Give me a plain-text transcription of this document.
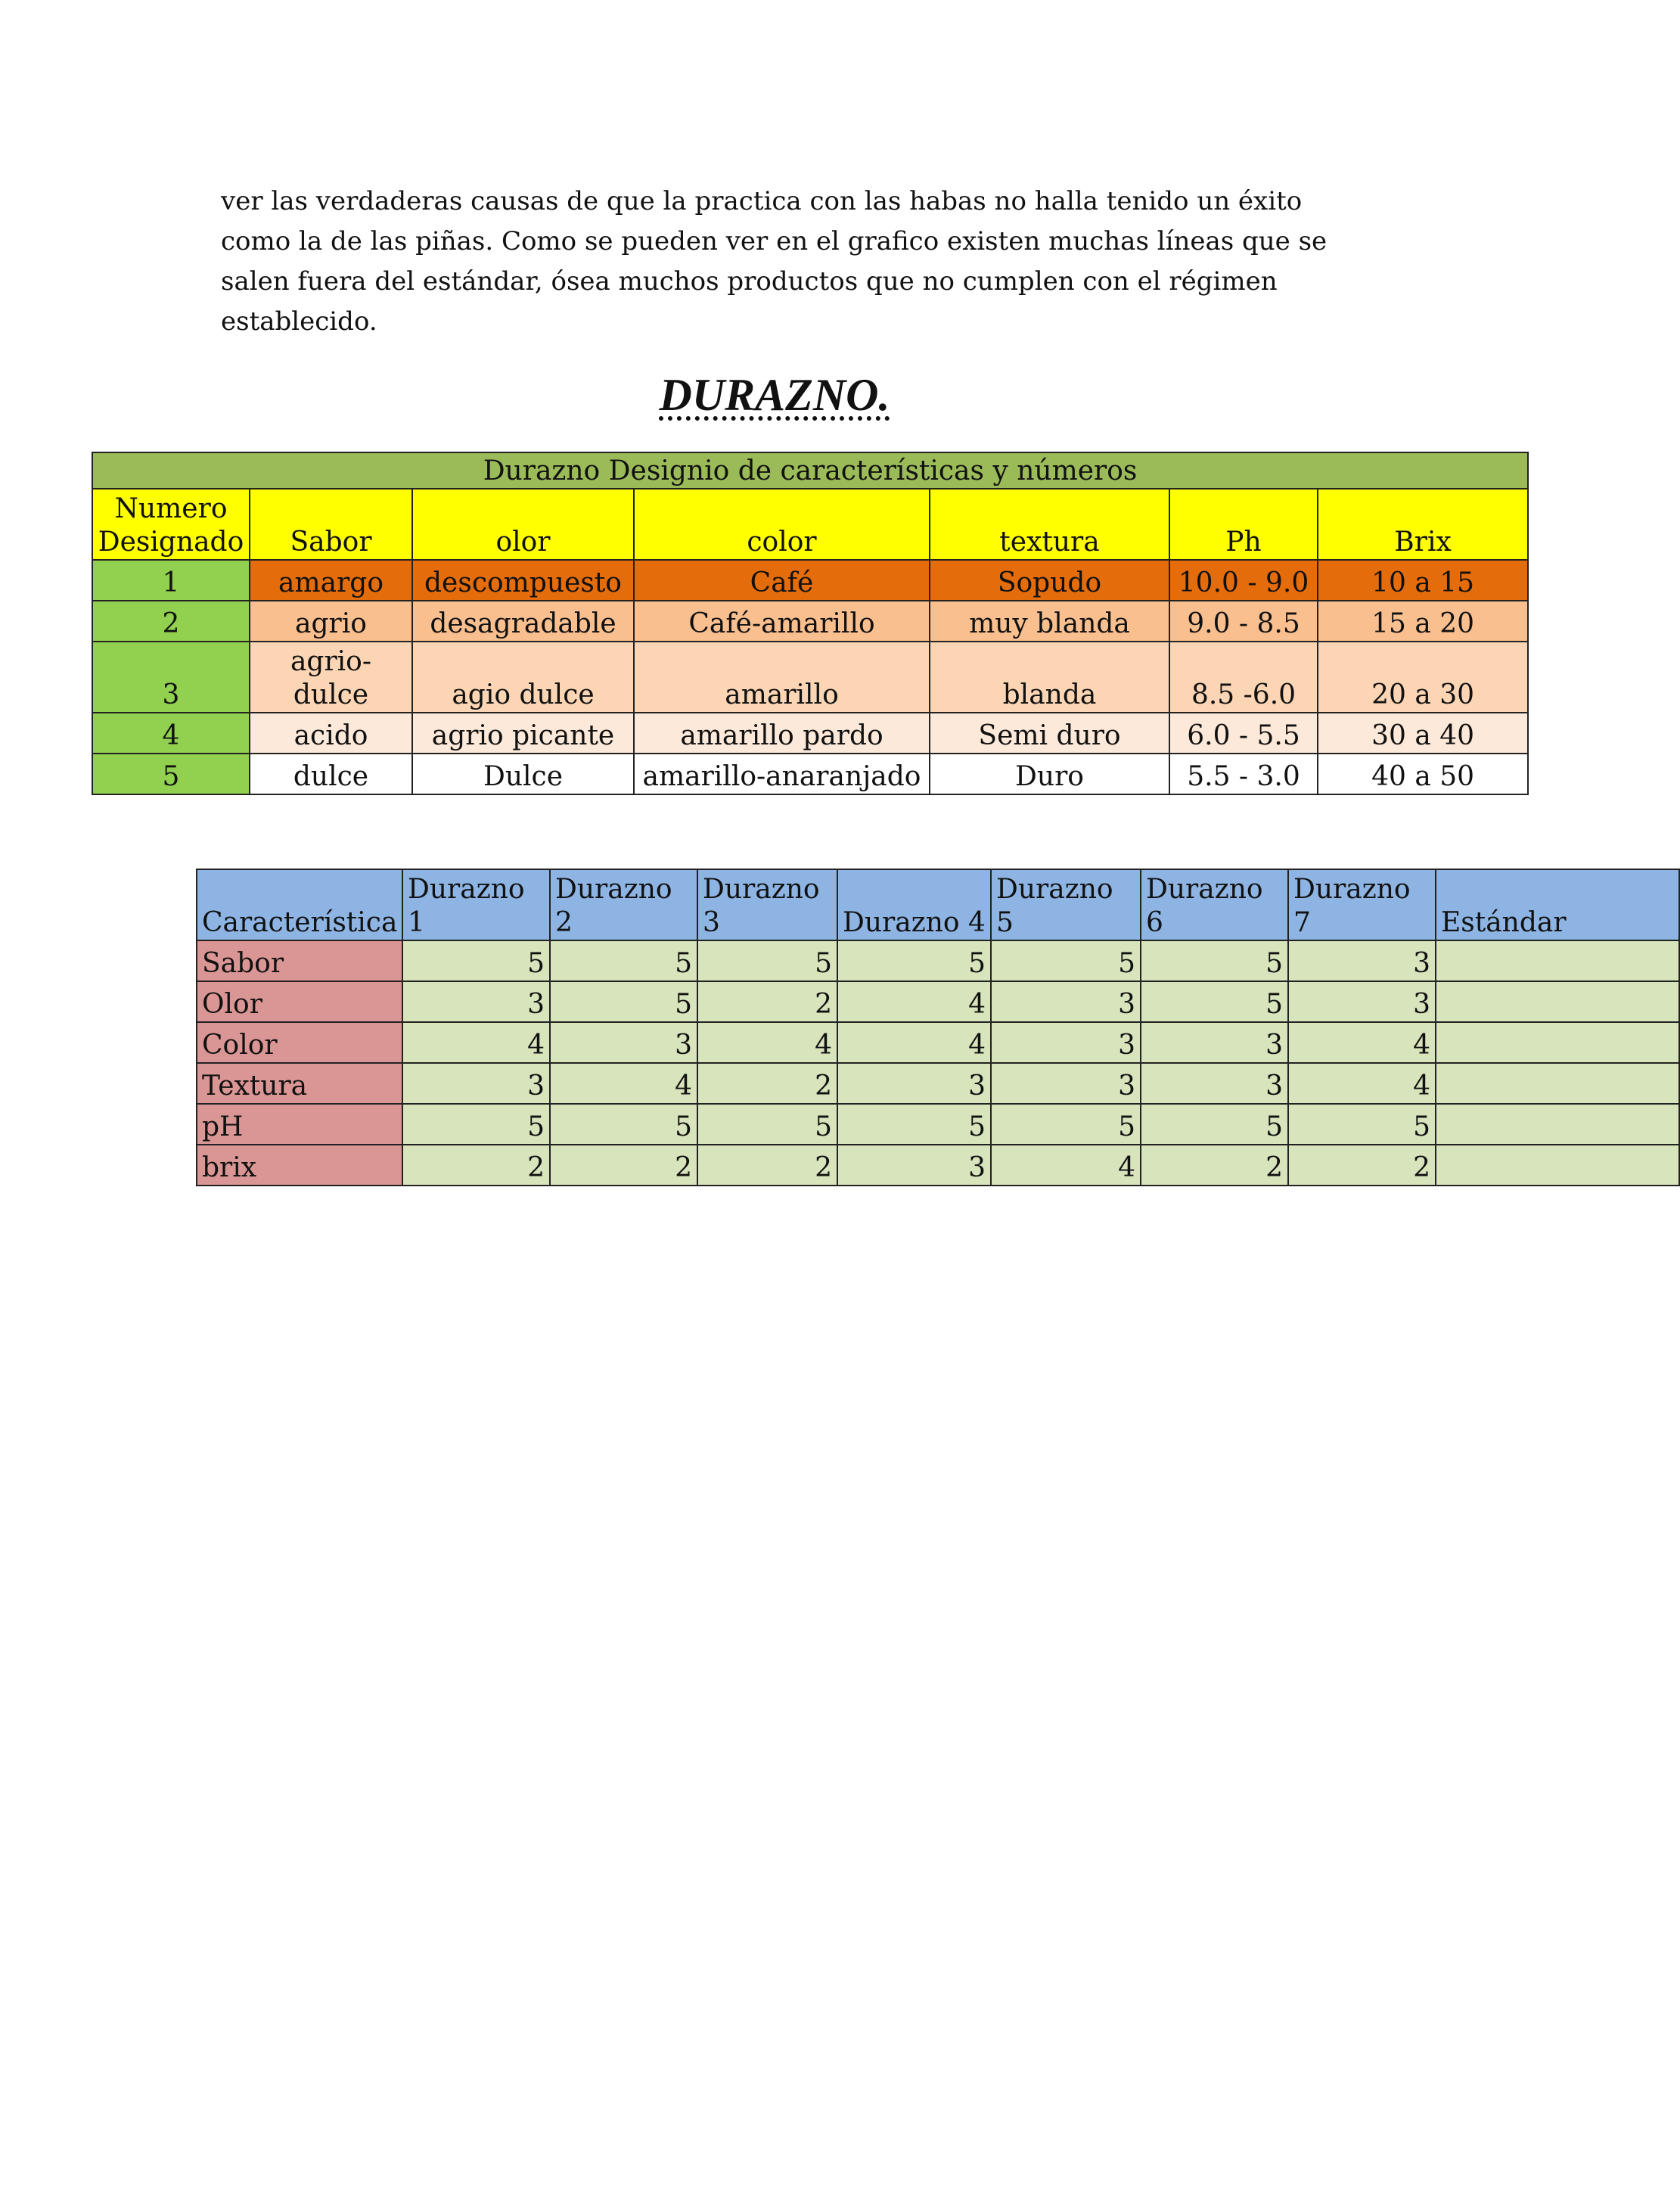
ver las verdaderas causas de que la practica con las habas no halla tenido un éxito
como la de las piñas. Como se pueden ver en el grafico existen muchas líneas que se
salen fuera del estándar, ósea muchos productos que no cumplen con el régimen
establecido.

DURAZNO.
Durazno Designio de características y números						
Numero Designado	Sabor	olor	color	textura	Ph	Brix
1	amargo	descompuesto	Café	Sopudo	10.0 - 9.0	10 a 15
2	agrio	desagradable	Café-amarillo	muy blanda	9.0 - 8.5	15 a 20
3	agrio-dulce	agio dulce	amarillo	blanda	8.5 -6.0	20 a 30
4	acido	agrio picante	amarillo pardo	Semi duro	6.0 - 5.5	30 a 40
5	dulce	Dulce	amarillo-anaranjado	Duro	5.5 - 3.0	40 a 50
Característica	Durazno 1	Durazno 2	Durazno 3	Durazno 4	Durazno 5	Durazno 6	Durazno 7	Estándar
Sabor	5	5	5	5	5	5	3	
Olor	3	5	2	4	3	5	3	
Color	4	3	4	4	3	3	4	
Textura	3	4	2	3	3	3	4	
pH	5	5	5	5	5	5	5	
brix	2	2	2	3	4	2	2	
